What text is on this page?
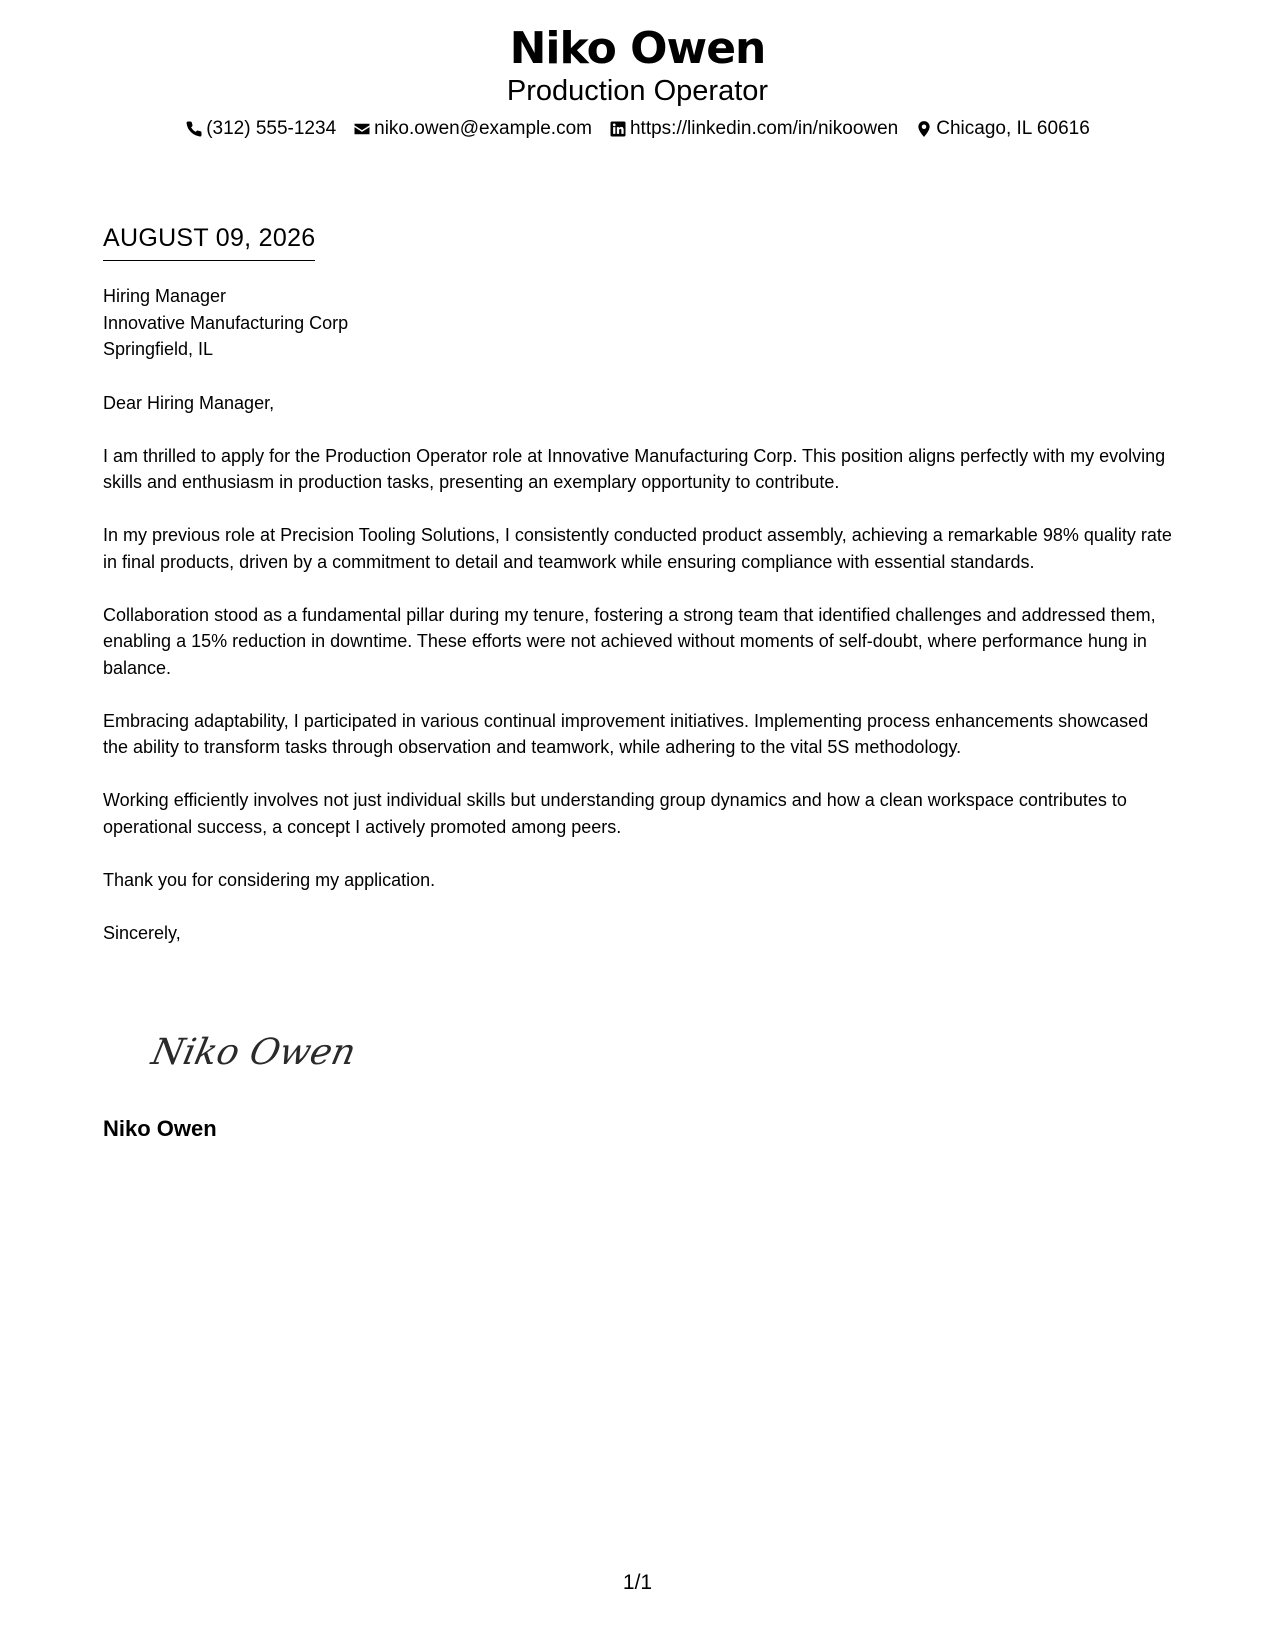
Niko Owen
Production Operator
(312) 555-1234 niko.owen@example.com https://linkedin.com/in/nikoowen Chicago, IL 60616
AUGUST 09, 2026
Hiring Manager
Innovative Manufacturing Corp
Springfield, IL

Dear Hiring Manager,

I am thrilled to apply for the Production Operator role at Innovative Manufacturing Corp. This position aligns perfectly with my evolving skills and enthusiasm in production tasks, presenting an exemplary opportunity to contribute.

In my previous role at Precision Tooling Solutions, I consistently conducted product assembly, achieving a remarkable 98% quality rate in final products, driven by a commitment to detail and teamwork while ensuring compliance with essential standards.

Collaboration stood as a fundamental pillar during my tenure, fostering a strong team that identified challenges and addressed them, enabling a 15% reduction in downtime. These efforts were not achieved without moments of self-doubt, where performance hung in balance.

Embracing adaptability, I participated in various continual improvement initiatives. Implementing process enhancements showcased the ability to transform tasks through observation and teamwork, while adhering to the vital 5S methodology.

Working efficiently involves not just individual skills but understanding group dynamics and how a clean workspace contributes to operational success, a concept I actively promoted among peers.

Thank you for considering my application.

Sincerely,

Niko Owen
Niko Owen
1/1
